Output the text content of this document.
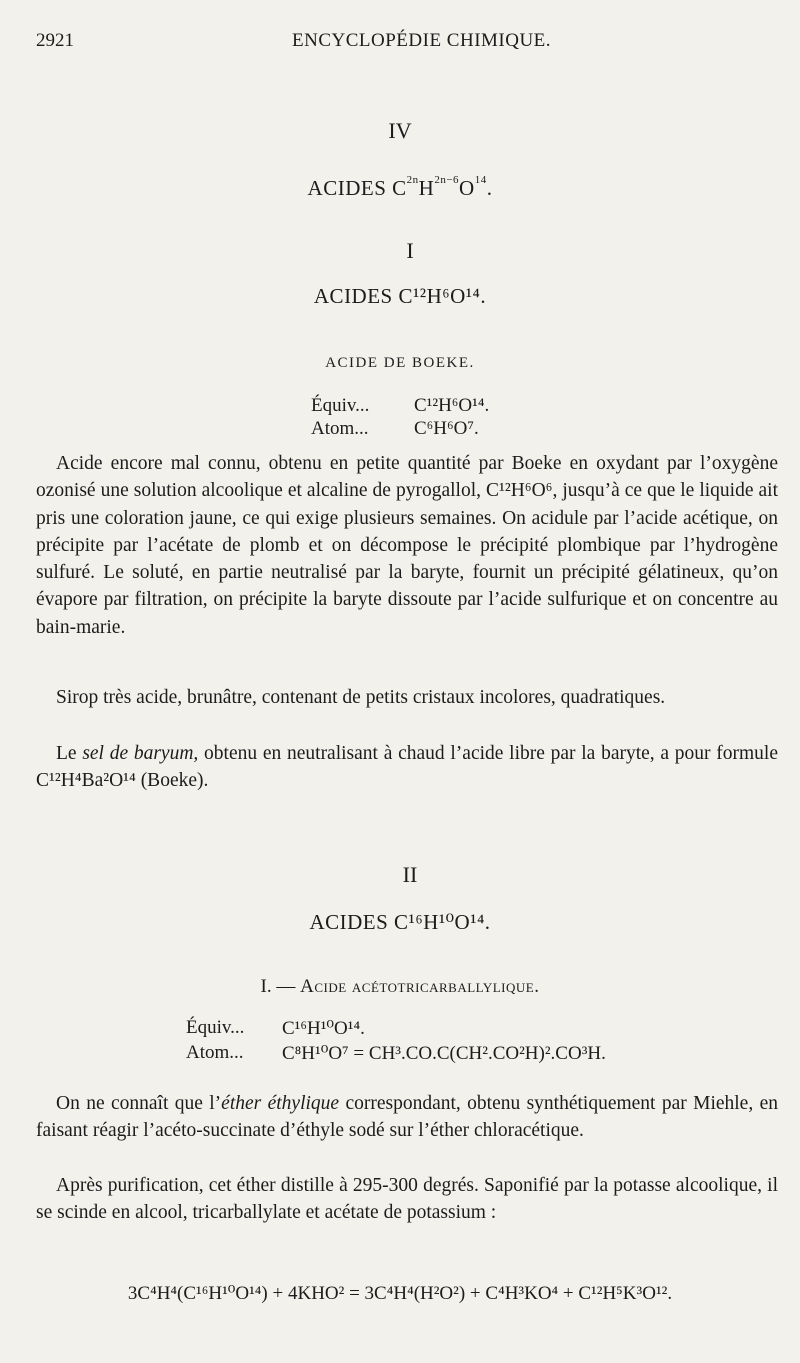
2921	ENCYCLOPÉDIE CHIMIQUE.
IV
ACIDES $C^{2n}H^{2n-6}O^{14}$.
I
ACIDES C¹²H⁶O¹⁴.
ACIDE DE BOEKE.
Équiv... C¹²H⁶O¹⁴.
Atom... C⁶H⁶O⁷.
Acide encore mal connu, obtenu en petite quantité par Boeke en oxydant par l’oxygène ozonisé une solution alcoolique et alcaline de pyrogallol, C¹²H⁶O⁶, jusqu’à ce que le liquide ait pris une coloration jaune, ce qui exige plusieurs semaines. On acidule par l’acide acétique, on précipite par l’acétate de plomb et on décompose le précipité plombique par l’hydrogène sulfuré. Le soluté, en partie neutralisé par la baryte, fournit un précipité gélatineux, qu’on évapore par filtration, on précipite la baryte dissoute par l’acide sulfurique et on concentre au bain-marie.
Sirop très acide, brunâtre, contenant de petits cristaux incolores, quadratiques.
Le sel de baryum, obtenu en neutralisant à chaud l’acide libre par la baryte, a pour formule C¹²H⁴Ba²O¹⁴ (Boeke).
II
ACIDES C¹⁶H¹⁰O¹⁴.
I. — Acide acétotricarballylique.
Équiv... C¹⁶H¹⁰O¹⁴.
Atom... C⁸H¹⁰O⁷ = CH³.CO.C(CH².CO²H)².CO³H.
On ne connaît que l’éther éthylique correspondant, obtenu synthétiquement par Miehle, en faisant réagir l’acéto-succinate d’éthyle sodé sur l’éther chloracétique.
Après purification, cet éther distille à 295-300 degrés. Saponifié par la potasse alcoolique, il se scinde en alcool, tricarballylate et acétate de potassium :
3C⁴H⁴(C¹⁶H¹⁰O¹⁴) + 4KHO² = 3C⁴H⁴(H²O²) + C⁴H³KO⁴ + C¹²H⁵K³O¹².
